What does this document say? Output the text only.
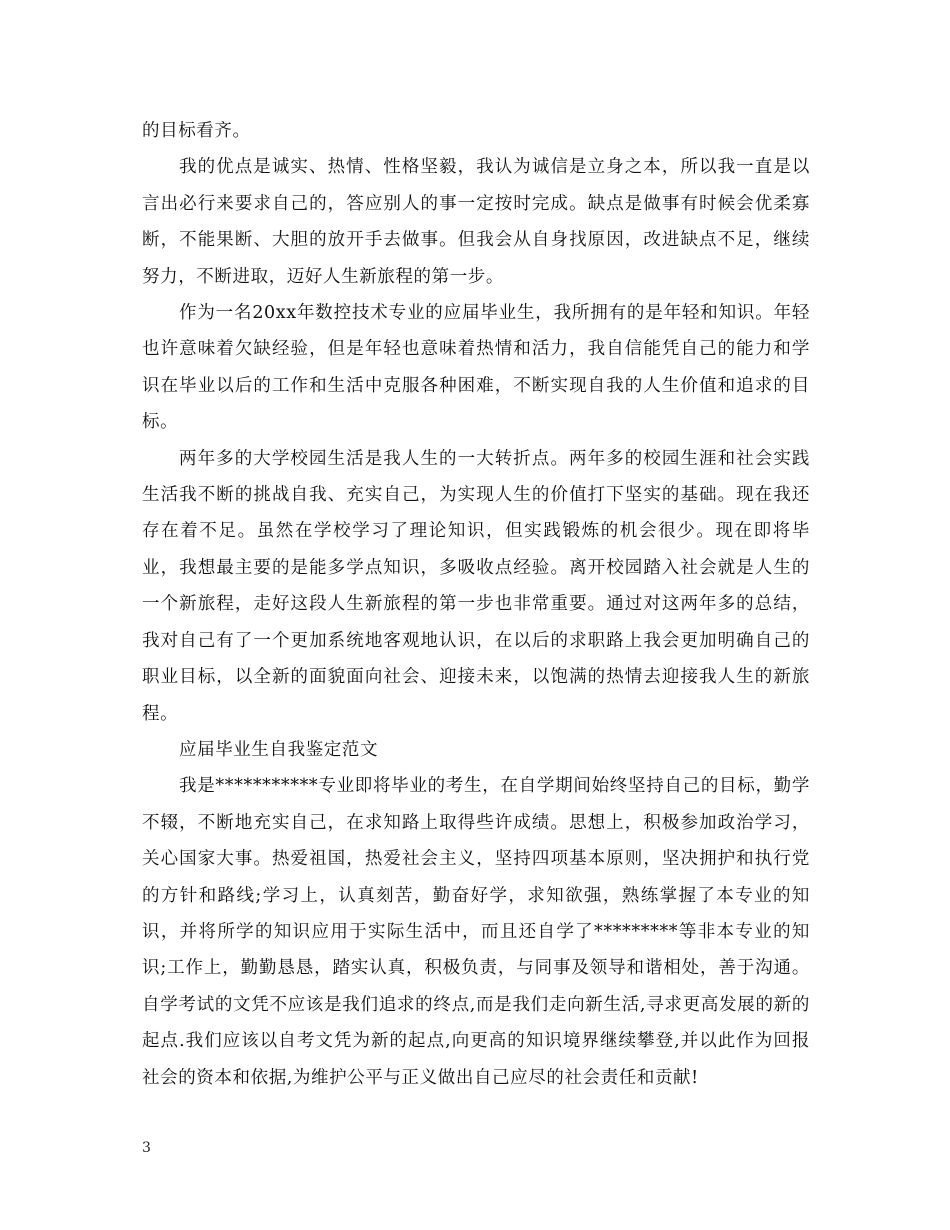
的目标看齐。

我的优点是诚实、热情、性格坚毅，我认为诚信是立身之本，所以我一直是以言出必行来要求自己的，答应别人的事一定按时完成。缺点是做事有时候会优柔寡断，不能果断、大胆的放开手去做事。但我会从自身找原因，改进缺点不足，继续努力，不断进取，迈好人生新旅程的第一步。

作为一名20xx年数控技术专业的应届毕业生，我所拥有的是年轻和知识。年轻也许意味着欠缺经验，但是年轻也意味着热情和活力，我自信能凭自己的能力和学识在毕业以后的工作和生活中克服各种困难，不断实现自我的人生价值和追求的目标。

两年多的大学校园生活是我人生的一大转折点。两年多的校园生涯和社会实践生活我不断的挑战自我、充实自己，为实现人生的价值打下坚实的基础。现在我还存在着不足。虽然在学校学习了理论知识，但实践锻炼的机会很少。现在即将毕业，我想最主要的是能多学点知识，多吸收点经验。离开校园踏入社会就是人生的一个新旅程，走好这段人生新旅程的第一步也非常重要。通过对这两年多的总结，我对自己有了一个更加系统地客观地认识，在以后的求职路上我会更加明确自己的职业目标，以全新的面貌面向社会、迎接未来，以饱满的热情去迎接我人生的新旅程。

应届毕业生自我鉴定范文

我是***********专业即将毕业的考生，在自学期间始终坚持自己的目标，勤学不辍，不断地充实自己，在求知路上取得些许成绩。思想上，积极参加政治学习，关心国家大事。热爱祖国，热爱社会主义，坚持四项基本原则，坚决拥护和执行党的方针和路线;学习上，认真刻苦，勤奋好学，求知欲强，熟练掌握了本专业的知识，并将所学的知识应用于实际生活中，而且还自学了*********等非本专业的知识;工作上，勤勤恳恳，踏实认真，积极负责，与同事及领导和谐相处，善于沟通。自学考试的文凭不应该是我们追求的终点,而是我们走向新生活,寻求更高发展的新的起点.我们应该以自考文凭为新的起点,向更高的知识境界继续攀登,并以此作为回报社会的资本和依据,为维护公平与正义做出自己应尽的社会责任和贡献!

3
